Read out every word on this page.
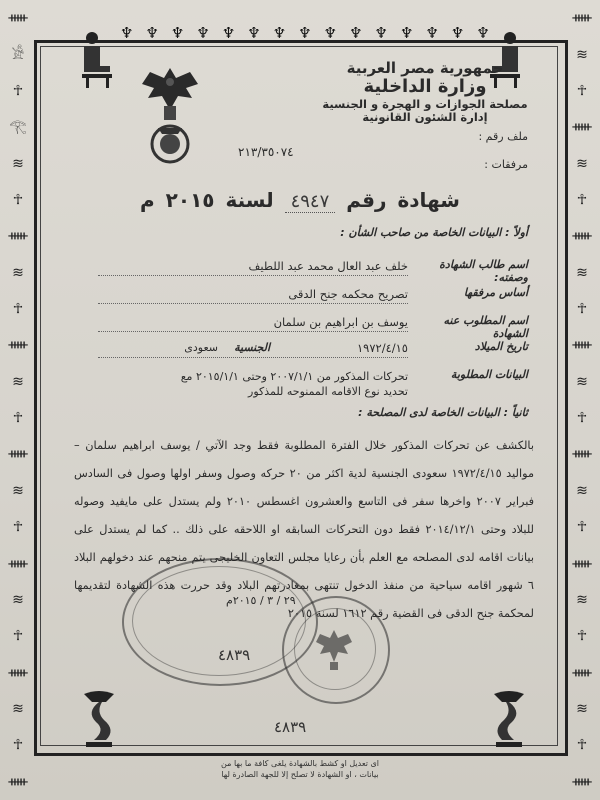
ᚔ
𓀀
☥
𓂀
≋
☥
ᚔ
≋
☥
ᚔ
≋
☥
ᚔ
≋
☥
ᚔ
≋
☥
ᚔ
≋
☥
ᚔ
ᚔ
≋
☥
ᚔ
≋
☥
ᚔ
≋
☥
ᚔ
≋
☥
ᚔ
≋
☥
ᚔ
≋
☥
ᚔ
≋
☥
ᚔ
♆ ♆ ♆ ♆ ♆ ♆ ♆ ♆ ♆ ♆ ♆ ♆ ♆ ♆ ♆
جمهورية مصر العربية
وزارة الداخلية
مصلحة الجوازات و الهجرة و الجنسية
إدارة الشئون القانونية
ملف رقم :
٢١٣/٣٥٠٧٤
مرفقات :
شهادة رقم ٤٩٤٧ لسنة ٢٠١٥ م
أولاً : البيانات الخاصة من صاحب الشأن :
اسم طالب الشهادة وصفته:
خلف عبد العال محمد عبد اللطيف
أساس مرفقها
تصريح محكمه جنح الدقى
اسم المطلوب عنه الشهادة
يوسف بن ابراهيم بن سلمان
تاريخ الميلاد
١٩٧٢/٤/١٥
الجنسية
سعودى
البيانات المطلوبة
تحركات المذكور من ٢٠٠٧/١/١ وحتى ٢٠١٥/١/١ مع
تحديد نوع الاقامه الممنوحه للمذكور
ثانياً : البيانات الخاصة لدى المصلحة :
بالكشف عن تحركات المذكور خلال الفترة المطلوبة فقط وجد الآتي / يوسف ابراهيم سلمان – مواليد ١٩٧٢/٤/١٥ سعودى الجنسية لدية اكثر من ٢٠ حركه وصول وسفر اولها وصول فى السادس فبراير ٢٠٠٧ واخرها سفر فى التاسع والعشرون اغسطس ٢٠١٠ ولم يستدل على مايفيد وصوله للبلاد وحتى ٢٠١٤/١٢/١ فقط دون التحركات السابقه او اللاحقه على ذلك .. كما لم يستدل على بيانات اقامه لدى المصلحه مع العلم بأن رعايا مجلس التعاون الخليجى يتم منحهم عند دخولهم البلاد ٦ شهور اقامه سياحية من منفذ الدخول تنتهى بمغادرتهم البلاد وقد حررت هذه الشهادة لتقديمها لمحكمة جنح الدقى فى القضية رقم ١٦١٢ لسنة ٢٠١٥
٢٩ / ٣ / ٢٠١٥م
٤٨٣٩
٤٨٣٩
اى تعديل او كشط بالشهادة يلغى كافة ما بها من
بيانات ، او الشهادة لا تصلح إلا للجهة الصادرة لها
